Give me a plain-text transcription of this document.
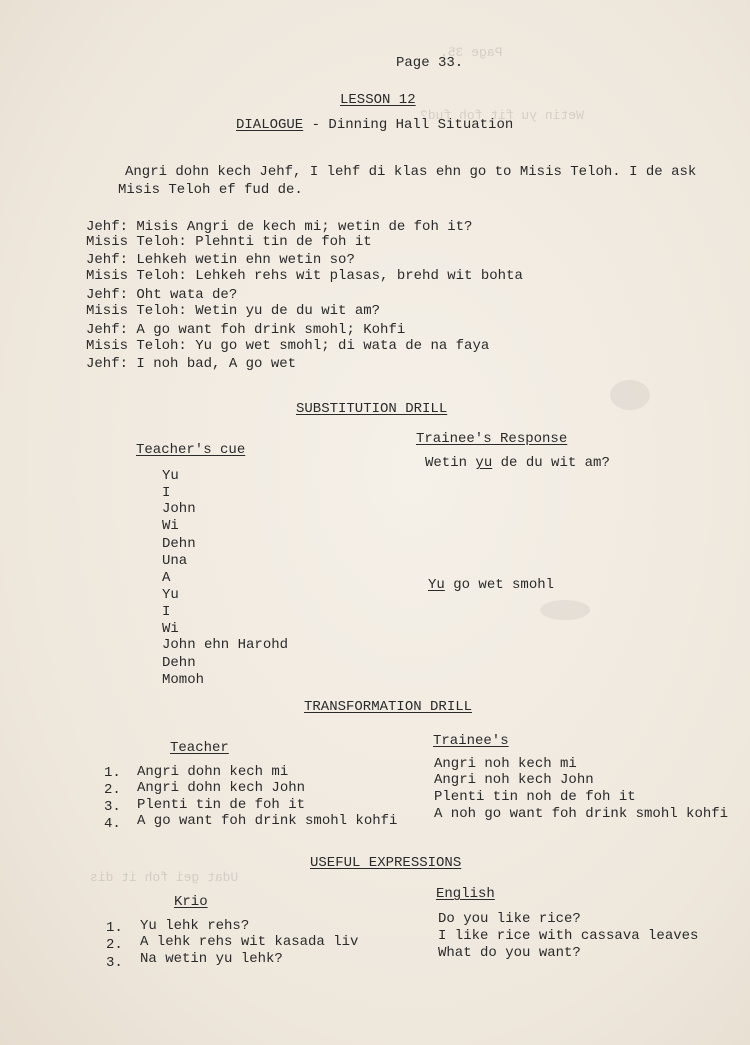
Page 35.
Wetin yu fit foh fud?
Udat gei foh it dis
Page 33.
LESSON 12
DIALOGUE - Dinning Hall Situation
Angri dohn kech Jehf, I lehf di klas ehn go to Misis Teloh. I de ask
Misis Teloh ef fud de.
Jehf: Misis Angri de kech mi; wetin de foh it?
Misis Teloh: Plehnti tin de foh it
Jehf: Lehkeh wetin ehn wetin so?
Misis Teloh: Lehkeh rehs wit plasas, brehd wit bohta
Jehf: Oht wata de?
Misis Teloh: Wetin yu de du wit am?
Jehf: A go want foh drink smohl; Kohfi
Misis Teloh: Yu go wet smohl; di wata de na faya
Jehf: I noh bad, A go wet
SUBSTITUTION DRILL
Teacher's cue
Trainee's Response
Wetin yu de du wit am?
Yu
I
John
Wi
Dehn
Una
A
Yu
I
Wi
John ehn Harohd
Dehn
Momoh
Yu go wet smohl
TRANSFORMATION DRILL
Teacher	Trainee's
1. Angri dohn kech mi
2. Angri dohn kech John
3. Plenti tin de foh it
4. A go want foh drink smohl kohfi
Angri noh kech mi
Angri noh kech John
Plenti tin noh de foh it
A noh go want foh drink smohl kohfi
USEFUL EXPRESSIONS
Krio	English
1. Yu lehk rehs?
2. A lehk rehs wit kasada liv
3. Na wetin yu lehk?
Do you like rice?
I like rice with cassava leaves
What do you want?
